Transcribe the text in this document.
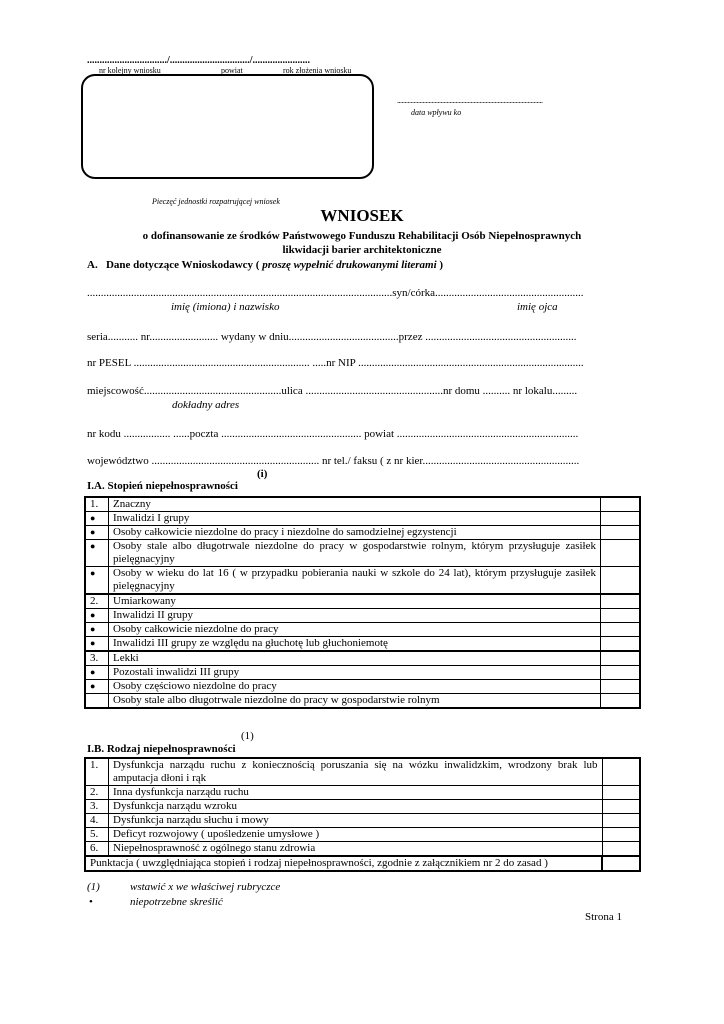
................................/................................/.......................
nr kolejny wniosku	powiat	rok złożenia wniosku
.................................................................................................
data wpływu ko
Pieczęć jednostki rozpatrującej wniosek
WNIOSEK
o dofinansowanie ze środków Państwowego Funduszu Rehabilitacji Osób Niepełnosprawnych
likwidacji barier architektoniczne
A. Dane dotyczące Wnioskodawcy ( proszę wypełnić drukowanymi literami )
...............................................................................................................syn/córka......................................................
imię (imiona) i nazwisko	imię ojca
seria........... nr......................... wydany w dniu........................................przez .......................................................
nr PESEL ................................................................ .....nr NIP ..................................................................................
miejscowość..................................................ulica ..................................................nr domu .......... nr lokalu.........
dokładny adres
nr kodu ................. ......poczta ................................................... powiat ..................................................................
województwo ............................................................. nr tel./ faksu ( z nr kier.........................................................
(i)
I.A. Stopień niepełnosprawności
1.	Znaczny	
●	Inwalidzi I grupy	
●	Osoby całkowicie niezdolne do pracy i niezdolne do samodzielnej egzystencji	
●	Osoby stale albo długotrwale niezdolne do pracy w gospodarstwie rolnym, którym przysługuje zasiłek pielęgnacyjny	
●	Osoby w wieku do lat 16 ( w przypadku pobierania nauki w szkole do 24 lat), którym przysługuje zasiłek pielęgnacyjny	
2.	Umiarkowany	
●	Inwalidzi II grupy	
●	Osoby całkowicie niezdolne do pracy	
●	Inwalidzi III grupy ze względu na głuchotę lub głuchoniemotę	
3.	Lekki	
●	Pozostali inwalidzi III grupy	
●	Osoby częściowo niezdolne do pracy	
	Osoby stale albo długotrwale niezdolne do pracy w gospodarstwie rolnym	
(1)
I.B. Rodzaj niepełnosprawności
1.	Dysfunkcja narządu ruchu z koniecznością poruszania się na wózku inwalidzkim, wrodzony brak lub amputacja dłoni i rąk	
2.	Inna dysfunkcja narządu ruchu	
3.	Dysfunkcja narządu wzroku	
4.	Dysfunkcja narządu słuchu i mowy	
5.	Deficyt rozwojowy ( upośledzenie umysłowe )	
6.	Niepełnosprawność z ogólnego stanu zdrowia	
Punktacja ( uwzględniająca stopień i rodzaj niepełnosprawności, zgodnie z załącznikiem nr 2 do zasad )		
(1)	wstawić x we właściwej rubryczce
•	niepotrzebne skreślić
Strona 1
